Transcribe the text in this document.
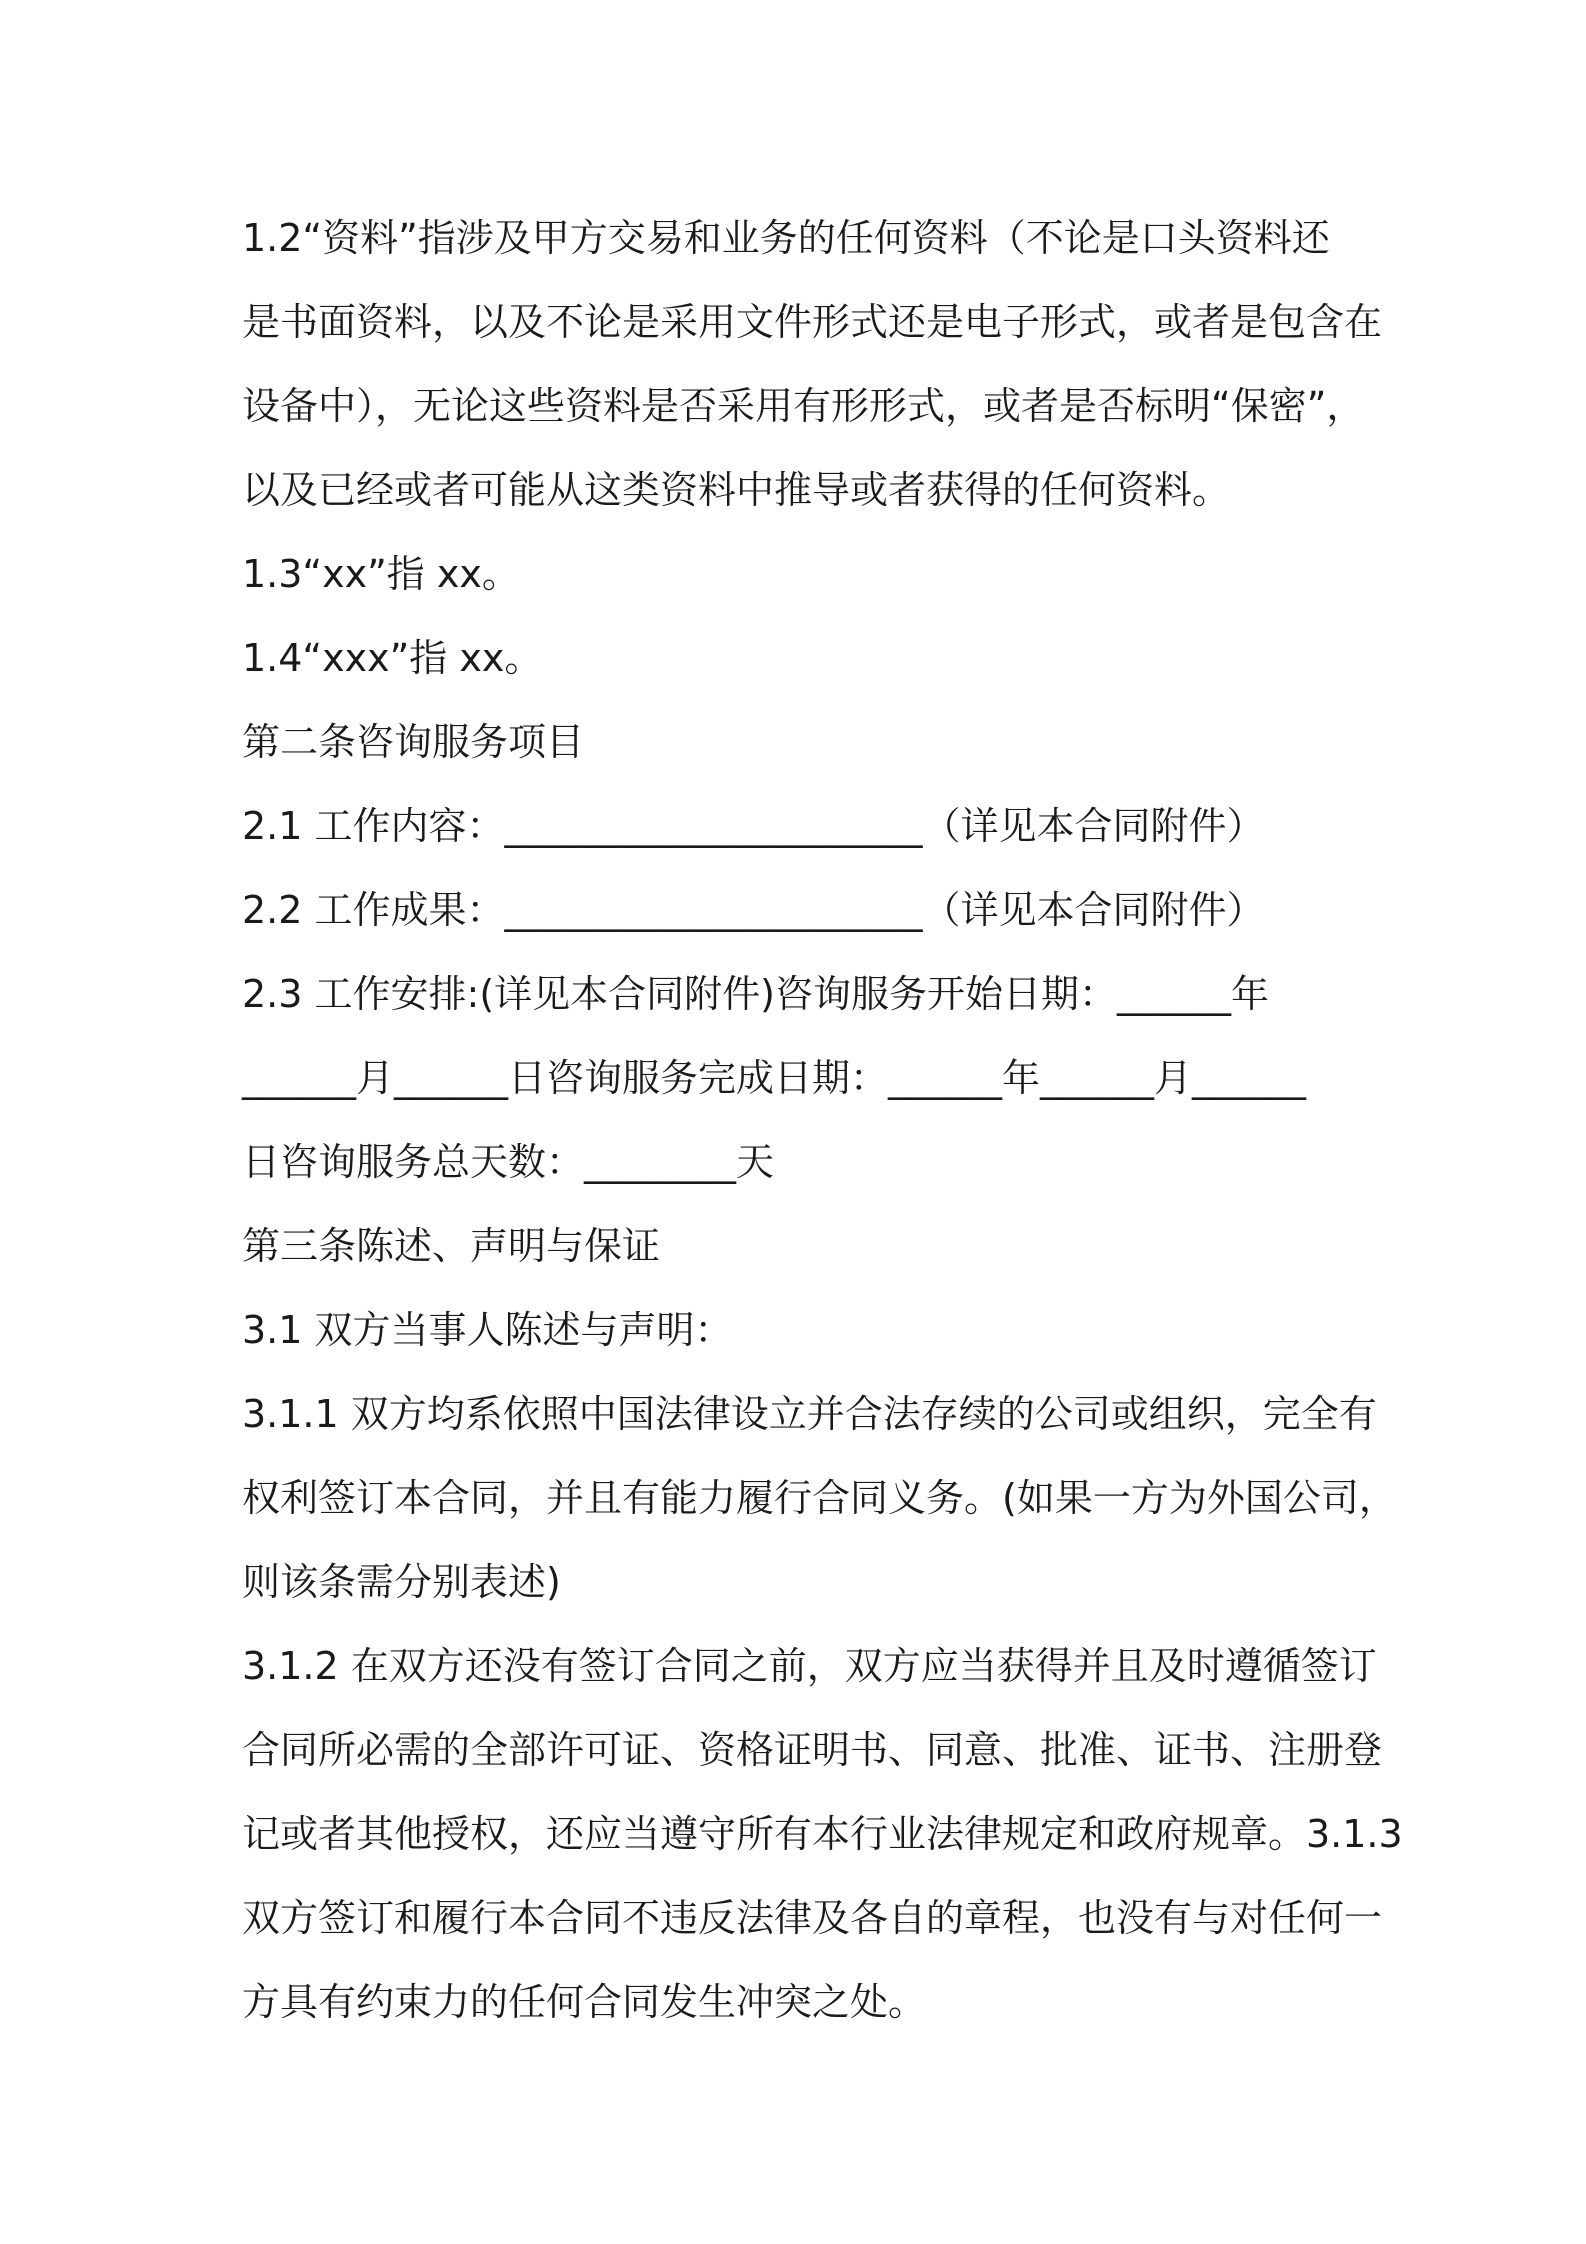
1.2“资料”指涉及甲方交易和业务的任何资料（不论是口头资料还
是书面资料，以及不论是采用文件形式还是电子形式，或者是包含在
设备中），无论这些资料是否采用有形形式，或者是否标明“保密”，
以及已经或者可能从这类资料中推导或者获得的任何资料。
1.3“xx”指 xx。
1.4“xxx”指 xx。
第二条咨询服务项目
2.1 工作内容：______________________（详见本合同附件）
2.2 工作成果：______________________（详见本合同附件）
2.3 工作安排:(详见本合同附件)咨询服务开始日期：______年
______月______日咨询服务完成日期：______年______月______
日咨询服务总天数：________天
第三条陈述、声明与保证
3.1 双方当事人陈述与声明：
3.1.1 双方均系依照中国法律设立并合法存续的公司或组织，完全有
权利签订本合同，并且有能力履行合同义务。(如果一方为外国公司，
则该条需分别表述)
3.1.2 在双方还没有签订合同之前，双方应当获得并且及时遵循签订
合同所必需的全部许可证、资格证明书、同意、批准、证书、注册登
记或者其他授权，还应当遵守所有本行业法律规定和政府规章。3.1.3
双方签订和履行本合同不违反法律及各自的章程，也没有与对任何一
方具有约束力的任何合同发生冲突之处。
